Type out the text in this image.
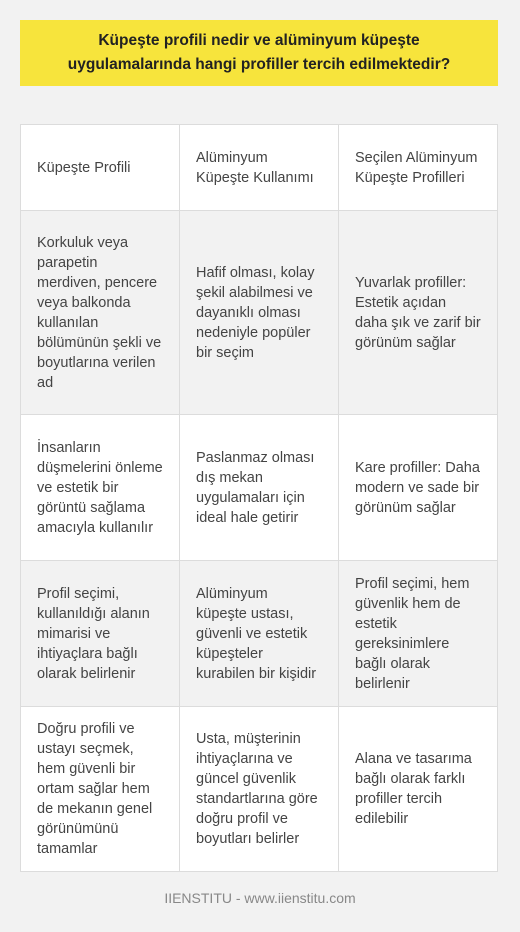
Küpeşte profili nedir ve alüminyum küpeşte uygulamalarında hangi profiller tercih edilmektedir?
Küpeşte Profili
Alüminyum Küpeşte Kullanımı
Seçilen Alüminyum Küpeşte Profilleri
Korkuluk veya parapetin merdiven, pencere veya balkonda kullanılan bölümünün şekli ve boyutlarına verilen ad
Hafif olması, kolay şekil alabilmesi ve dayanıklı olması nedeniyle popüler bir seçim
Yuvarlak profiller: Estetik açıdan daha şık ve zarif bir görünüm sağlar
İnsanların düşmelerini önleme ve estetik bir görüntü sağlama amacıyla kullanılır
Paslanmaz olması dış mekan uygulamaları için ideal hale getirir
Kare profiller: Daha modern ve sade bir görünüm sağlar
Profil seçimi, kullanıldığı alanın mimarisi ve ihtiyaçlara bağlı olarak belirlenir
Alüminyum küpeşte ustası, güvenli ve estetik küpeşteler kurabilen bir kişidir
Profil seçimi, hem güvenlik hem de estetik gereksinimlere bağlı olarak belirlenir
Doğru profili ve ustayı seçmek, hem güvenli bir ortam sağlar hem de mekanın genel görünümünü tamamlar
Usta, müşterinin ihtiyaçlarına ve güncel güvenlik standartlarına göre doğru profil ve boyutları belirler
Alana ve tasarıma bağlı olarak farklı profiller tercih edilebilir
IIENSTITU - www.iienstitu.com
